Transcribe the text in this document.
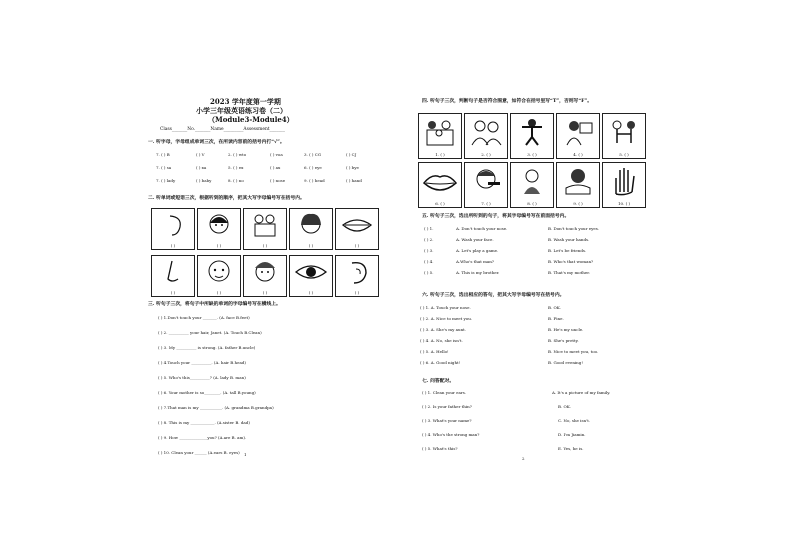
2023 学年度第一学期
小学三年级英语练习卷（二）
（Module3-Module4）
Class_______No._______Name_________Assessment_______
一. 听字母，字母组成单词三次，在所读内容前的括号内打“√”。
7. ( ) B	( ) V	2. ( ) wto	( ) voa	3. ( ) CG	( ) CJ
7. ( ) sa	( ) xa	5. ( ) ex	( ) ax	6. ( ) eye	( ) bye
7. ( ) lady	( ) baby	8. ( ) no	( ) nose	9. ( ) head	( ) hand
二. 听单词或短语三次，根据听到的顺序，把其大写字母编号写在括号内。
( )	( )	( )	( )	( )
( )	( )	( )	( )	( )
三. 听句子三次，将句子中所缺的单词的字母编号写在横线上。
( ) 1.Don't touch your _______. (A. face B.feet)
( ) 2. __________ your hair, Janet. (A. Touch B.Clean)
( ) 3. My __________ is strong. (A. father B.uncle)
( ) 4.Touch your __________. (A. hair B.head)
( ) 5. Who's this__________? (A. lady B. man)
( ) 6. Your mother is so________. (A. tall B.young)
( ) 7.That man is my ___________. (A. grandma B.grandpa)
( ) 8. This is my ____________. (A.sister B. dad)
( ) 9. How ______________you? (A.are B. am).
( ) 10. Clean your ______ (A.ears B. eyes) 1
四. 听句子三次，判断句子是否符合图意，如符合在括号里写“T”，否则写“F”。
1. ( )	2. ( )	3. ( )	4. ( )	5. ( )
6. ( )	7. ( )	8. ( )	9. ( )	10. ( )
五. 听句子三次，选出所听到的句子，将其字母编号写在前面括号内。
( ) 1.	A. Don't touch your nose.	B. Don't touch your eyes.
( ) 2.	A. Wash your face.	B. Wash your hands.
( ) 3.	A. Let's play a game.	B. Let's be friends.
( ) 4.	A.Who's that man?	B. Who's that woman?
( ) 5.	A. This is my brother.	B. That's my mother.
六. 听句子三次，选出相应的答句，把其大写字母编号写在括号内。
( ) 1. A. Touch your nose.	B. OK.
( ) 2. A. Nice to meet you.	B. Fine.
( ) 3. A. She's my aunt.	B. He's my uncle.
( ) 4. A. No, she isn't.	B. She's pretty.
( ) 5. A. Hello!	B. Nice to meet you, too.
( ) 6. A. Good night!	B. Good evening!
七. 问答配对。
( ) 1. Clean your ears.	A. It's a picture of my family.
( ) 2. Is your father thin?	B. OK.
( ) 3. What's your name?	C. No, she isn't.
( ) 4. Who's the strong man?	D. I'm Jiamin.
( ) 5. What's this?	E. Yes, he is.
2
